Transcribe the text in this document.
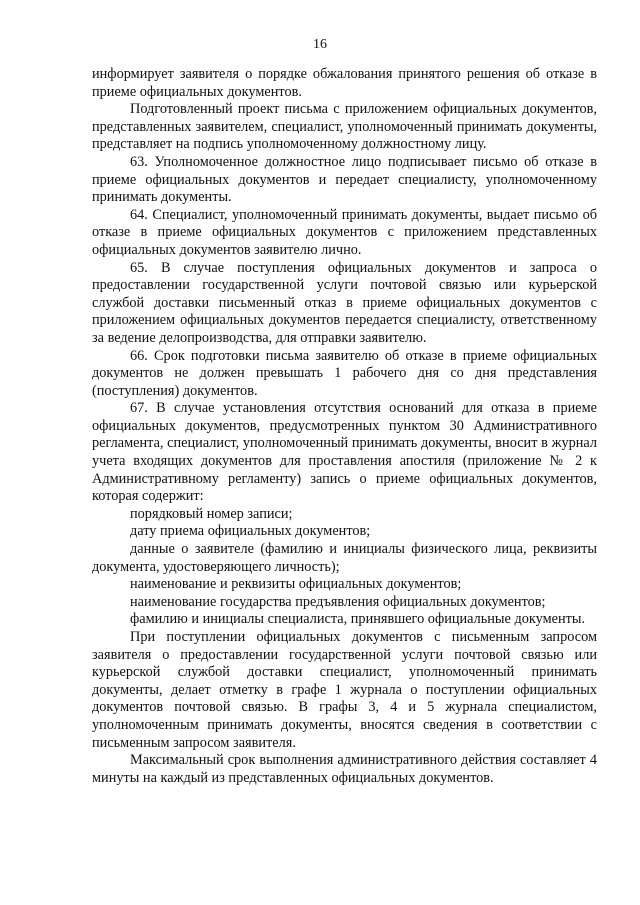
16

информирует заявителя о порядке обжалования принятого решения об отказе в приеме официальных документов.

Подготовленный проект письма с приложением официальных документов, представленных заявителем, специалист, уполномоченный принимать документы, представляет на подпись уполномоченному должностному лицу.

63. Уполномоченное должностное лицо подписывает письмо об отказе в приеме официальных документов и передает специалисту, уполномоченному принимать документы.

64. Специалист, уполномоченный принимать документы, выдает письмо об отказе в приеме официальных документов с приложением представленных официальных документов заявителю лично.

65. В случае поступления официальных документов и запроса о предоставлении государственной услуги почтовой связью или курьерской службой доставки письменный отказ в приеме официальных документов с приложением официальных документов передается специалисту, ответственному за ведение делопроизводства, для отправки заявителю.

66. Срок подготовки письма заявителю об отказе в приеме официальных документов не должен превышать 1 рабочего дня со дня представления (поступления) документов.

67. В случае установления отсутствия оснований для отказа в приеме официальных документов, предусмотренных пунктом 30 Административного регламента, специалист, уполномоченный принимать документы, вносит в журнал учета входящих документов для проставления апостиля (приложение № 2 к Административному регламенту) запись о приеме официальных документов, которая содержит:

порядковый номер записи;

дату приема официальных документов;

данные о заявителе (фамилию и инициалы физического лица, реквизиты документа, удостоверяющего личность);

наименование и реквизиты официальных документов;

наименование государства предъявления официальных документов;

фамилию и инициалы специалиста, принявшего официальные документы.

При поступлении официальных документов с письменным запросом заявителя о предоставлении государственной услуги почтовой связью или курьерской службой доставки специалист, уполномоченный принимать документы, делает отметку в графе 1 журнала о поступлении официальных документов почтовой связью. В графы 3, 4 и 5 журнала специалистом, уполномоченным принимать документы, вносятся сведения в соответствии с письменным запросом заявителя.

Максимальный срок выполнения административного действия составляет 4 минуты на каждый из представленных официальных документов.
